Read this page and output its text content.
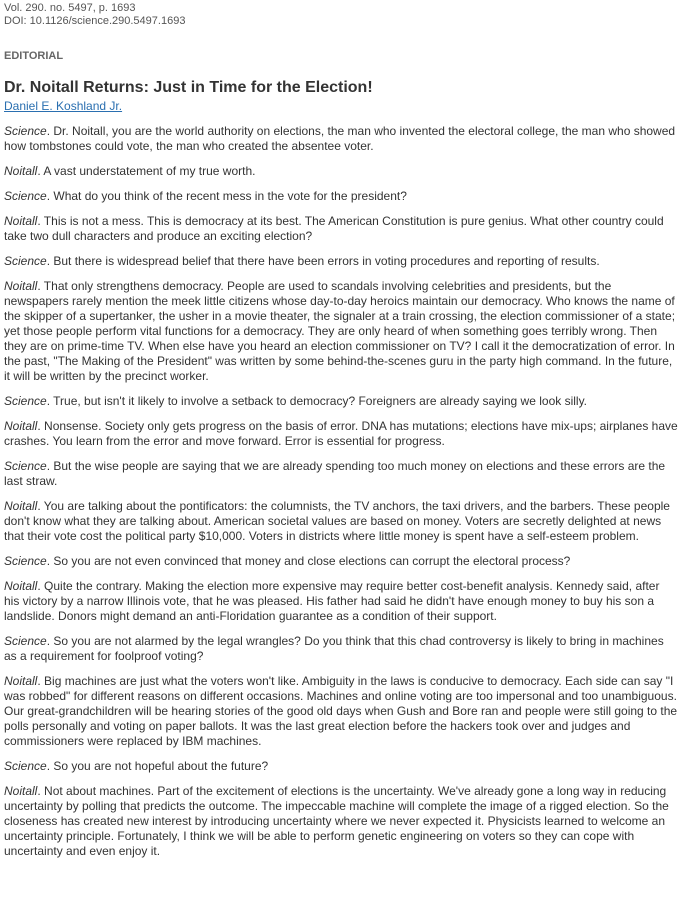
Vol. 290. no. 5497, p. 1693

DOI: 10.1126/science.290.5497.1693

EDITORIAL
Dr. Noitall Returns: Just in Time for the Election!
Daniel E. Koshland Jr.

Science. Dr. Noitall, you are the world authority on elections, the man who invented the electoral college, the man who showed how tombstones could vote, the man who created the absentee voter.

Noitall. A vast understatement of my true worth.

Science. What do you think of the recent mess in the vote for the president?

Noitall. This is not a mess. This is democracy at its best. The American Constitution is pure genius. What other country could take two dull characters and produce an exciting election?

Science. But there is widespread belief that there have been errors in voting procedures and reporting of results.

Noitall. That only strengthens democracy. People are used to scandals involving celebrities and presidents, but the newspapers rarely mention the meek little citizens whose day-to-day heroics maintain our democracy. Who knows the name of the skipper of a supertanker, the usher in a movie theater, the signaler at a train crossing, the election commissioner of a state; yet those people perform vital functions for a democracy. They are only heard of when something goes terribly wrong. Then they are on prime-time TV. When else have you heard an election commissioner on TV? I call it the democratization of error. In the past, "The Making of the President" was written by some behind-the-scenes guru in the party high command. In the future, it will be written by the precinct worker.

Science. True, but isn't it likely to involve a setback to democracy? Foreigners are already saying we look silly.

Noitall. Nonsense. Society only gets progress on the basis of error. DNA has mutations; elections have mix-ups; airplanes have crashes. You learn from the error and move forward. Error is essential for progress.

Science. But the wise people are saying that we are already spending too much money on elections and these errors are the last straw.

Noitall. You are talking about the pontificators: the columnists, the TV anchors, the taxi drivers, and the barbers. These people don't know what they are talking about. American societal values are based on money. Voters are secretly delighted at news that their vote cost the political party $10,000. Voters in districts where little money is spent have a self-esteem problem.

Science. So you are not even convinced that money and close elections can corrupt the electoral process?

Noitall. Quite the contrary. Making the election more expensive may require better cost-benefit analysis. Kennedy said, after his victory by a narrow Illinois vote, that he was pleased. His father had said he didn't have enough money to buy his son a landslide. Donors might demand an anti-Floridation guarantee as a condition of their support.

Science. So you are not alarmed by the legal wrangles? Do you think that this chad controversy is likely to bring in machines as a requirement for foolproof voting?

Noitall. Big machines are just what the voters won't like. Ambiguity in the laws is conducive to democracy. Each side can say "I was robbed" for different reasons on different occasions. Machines and online voting are too impersonal and too unambiguous. Our great-grandchildren will be hearing stories of the good old days when Gush and Bore ran and people were still going to the polls personally and voting on paper ballots. It was the last great election before the hackers took over and judges and commissioners were replaced by IBM machines.

Science. So you are not hopeful about the future?

Noitall. Not about machines. Part of the excitement of elections is the uncertainty. We've already gone a long way in reducing uncertainty by polling that predicts the outcome. The impeccable machine will complete the image of a rigged election. So the closeness has created new interest by introducing uncertainty where we never expected it. Physicists learned to welcome an uncertainty principle. Fortunately, I think we will be able to perform genetic engineering on voters so they can cope with uncertainty and even enjoy it.
